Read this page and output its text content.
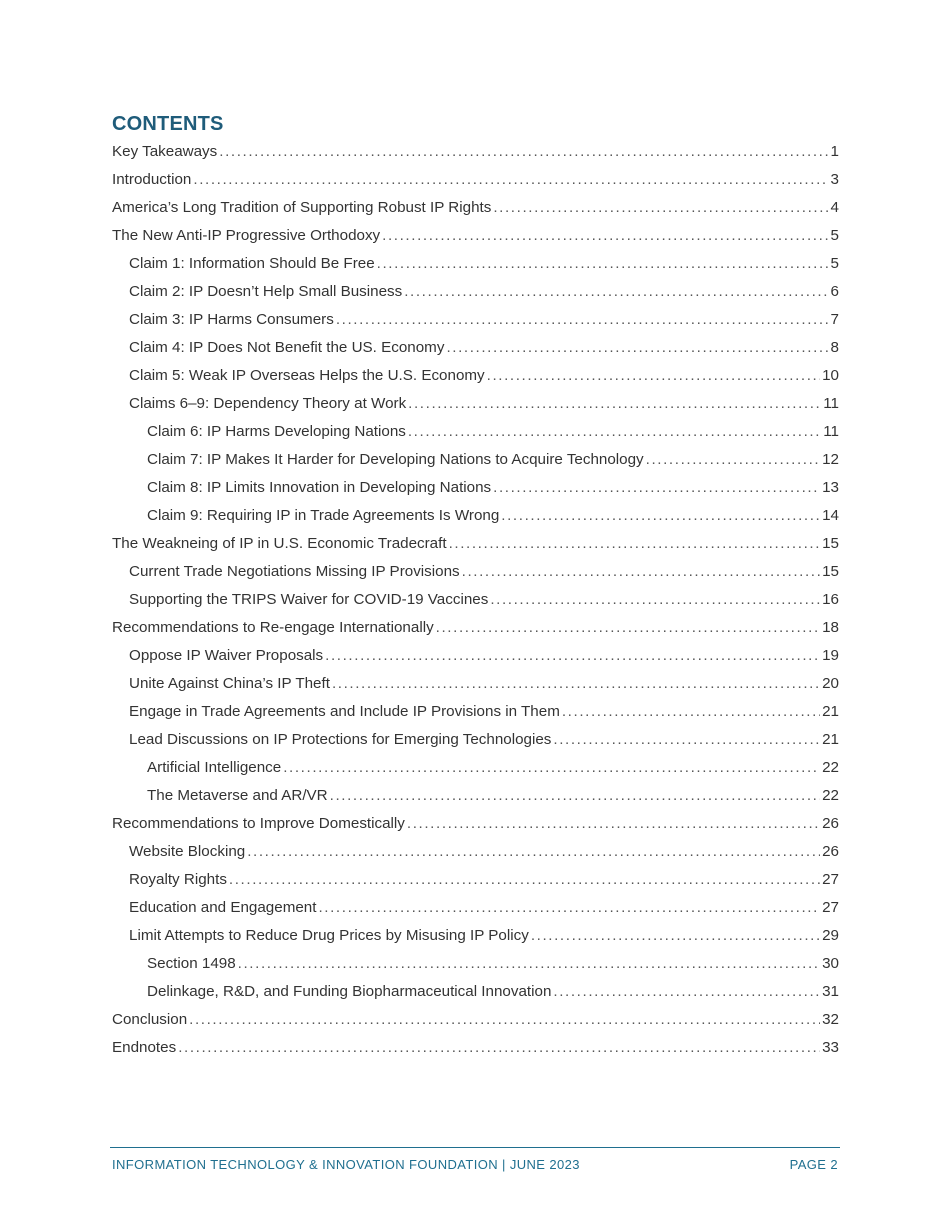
CONTENTS
Key Takeaways .....	1
Introduction .....	3
America’s Long Tradition of Supporting Robust IP Rights .....	4
The New Anti-IP Progressive Orthodoxy .....	5
Claim 1: Information Should Be Free .....	5
Claim 2: IP Doesn’t Help Small Business .....	6
Claim 3: IP Harms Consumers .....	7
Claim 4: IP Does Not Benefit the US. Economy .....	8
Claim 5: Weak IP Overseas Helps the U.S. Economy .....	10
Claims 6–9: Dependency Theory at Work .....	11
Claim 6: IP Harms Developing Nations .....	11
Claim 7: IP Makes It Harder for Developing Nations to Acquire Technology .....	12
Claim 8: IP Limits Innovation in Developing Nations .....	13
Claim 9: Requiring IP in Trade Agreements Is Wrong .....	14
The Weakneing of IP in U.S. Economic Tradecraft .....	15
Current Trade Negotiations Missing IP Provisions .....	15
Supporting the TRIPS Waiver for COVID-19 Vaccines .....	16
Recommendations to Re-engage Internationally .....	18
Oppose IP Waiver Proposals .....	19
Unite Against China’s IP Theft .....	20
Engage in Trade Agreements and Include IP Provisions in Them .....	21
Lead Discussions on IP Protections for Emerging Technologies .....	21
Artificial Intelligence .....	22
The Metaverse and AR/VR .....	22
Recommendations to Improve Domestically .....	26
Website Blocking .....	26
Royalty Rights .....	27
Education and Engagement .....	27
Limit Attempts to Reduce Drug Prices by Misusing IP Policy .....	29
Section 1498 .....	30
Delinkage, R&D, and Funding Biopharmaceutical Innovation .....	31
Conclusion .....	32
Endnotes .....	33
INFORMATION TECHNOLOGY & INNOVATION FOUNDATION | JUNE 2023	PAGE 2
